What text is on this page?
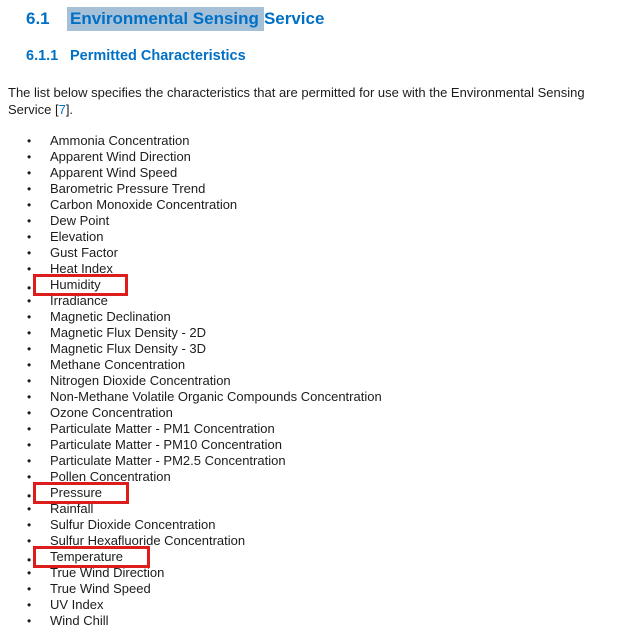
6.1 Environmental Sensing Service
6.1.1 Permitted Characteristics

The list below specifies the characteristics that are permitted for use with the Environmental Sensing Service [7].

• Ammonia Concentration
• Apparent Wind Direction
• Apparent Wind Speed
• Barometric Pressure Trend
• Carbon Monoxide Concentration
• Dew Point
• Elevation
• Gust Factor
• Heat Index
• Humidity
• Irradiance
• Magnetic Declination
• Magnetic Flux Density - 2D
• Magnetic Flux Density - 3D
• Methane Concentration
• Nitrogen Dioxide Concentration
• Non-Methane Volatile Organic Compounds Concentration
• Ozone Concentration
• Particulate Matter - PM1 Concentration
• Particulate Matter - PM10 Concentration
• Particulate Matter - PM2.5 Concentration
• Pollen Concentration
• Pressure
• Rainfall
• Sulfur Dioxide Concentration
• Sulfur Hexafluoride Concentration
• Temperature
• True Wind Direction
• True Wind Speed
• UV Index
• Wind Chill
